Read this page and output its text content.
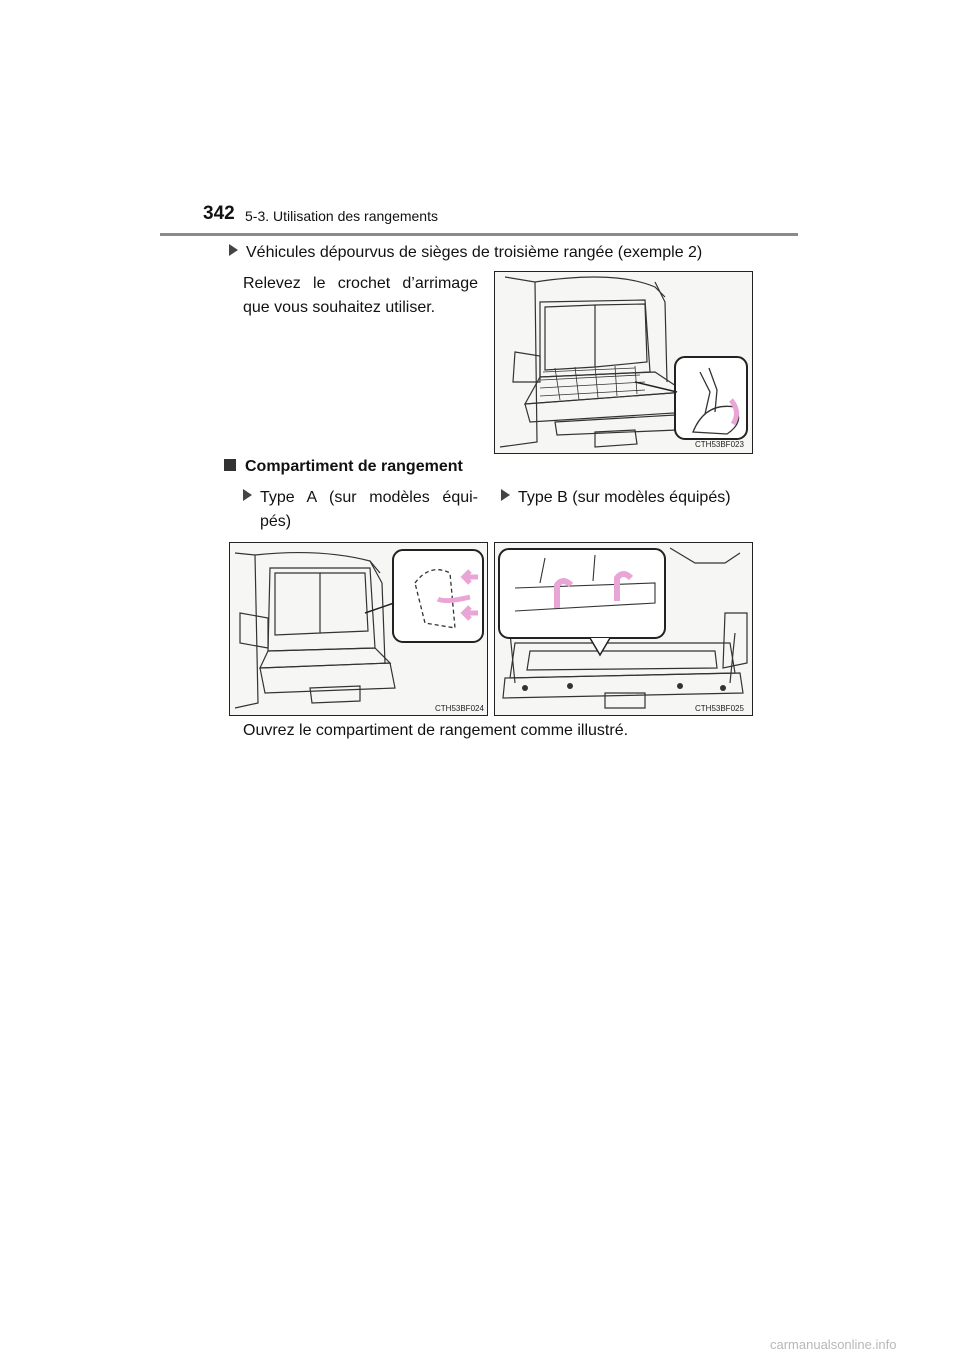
342 5-3. Utilisation des rangements
Véhicules dépourvus de sièges de troisième rangée (exemple 2)
Relevez le crochet d’arrimage
que vous souhaitez utiliser.
CTH53BF023
Compartiment de rangement
Type A (sur modèles équi-
pés)
Type B (sur modèles équipés)
CTH53BF024	CTH53BF025
Ouvrez le compartiment de rangement comme illustré.
carmanualsonline.info
